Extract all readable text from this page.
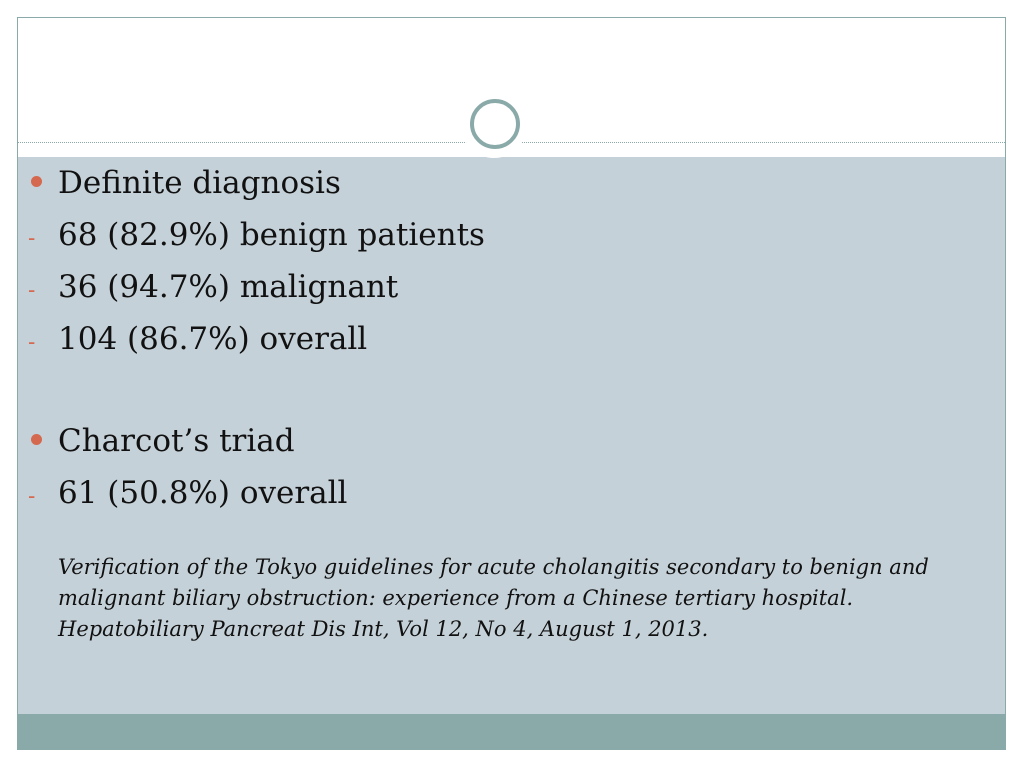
Definite diagnosis
- 68 (82.9%) benign patients
- 36 (94.7%) malignant
- 104 (86.7%) overall
Charcot’s triad
- 61 (50.8%) overall
Verification of the Tokyo guidelines for acute cholangitis secondary to benign and malignant biliary obstruction: experience from a Chinese tertiary hospital. Hepatobiliary Pancreat Dis Int, Vol 12, No 4, August 1, 2013.
